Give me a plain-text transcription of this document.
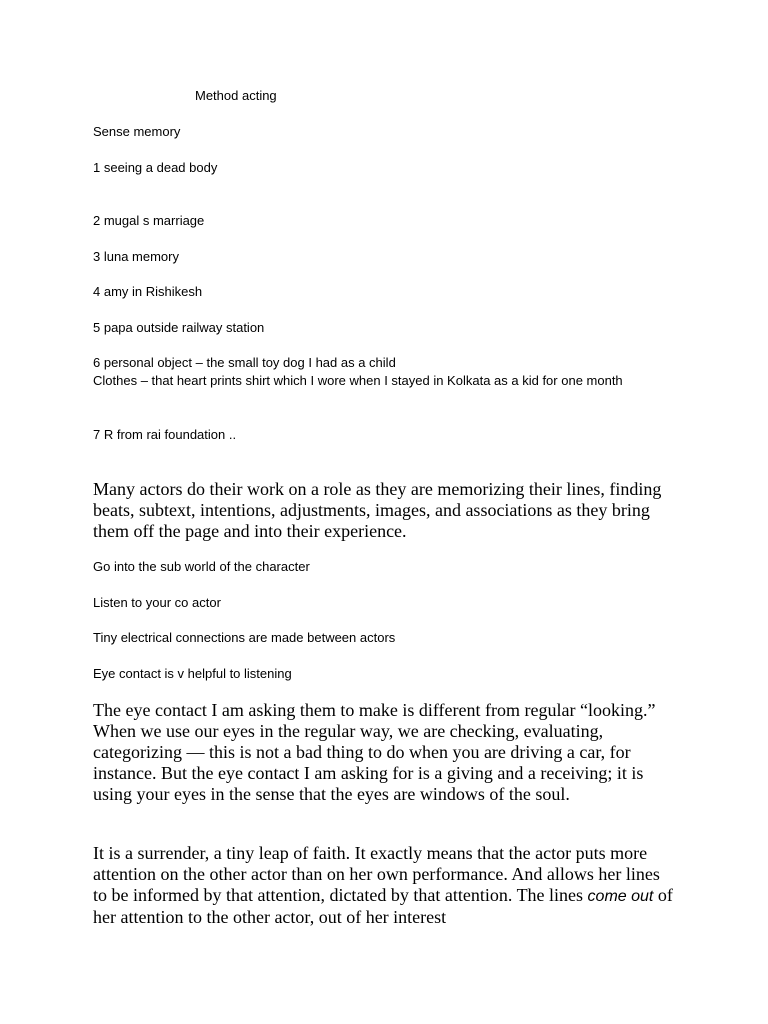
Method acting

Sense memory

1 seeing a dead body

2 mugal s marriage

3 luna memory

4 amy in Rishikesh

5 papa outside railway station

6 personal object – the small toy dog I had as a child

Clothes – that heart prints shirt which I wore when I stayed in Kolkata as a kid for one month

7 R from rai foundation ..

Many actors do their work on a role as they are memorizing their lines, finding beats, subtext, intentions, adjustments, images, and associations as they bring them off the page and into their experience.

Go into the sub world of the character

Listen to your co actor

Tiny electrical connections are made between actors

Eye contact is v helpful to listening

The eye contact I am asking them to make is different from regular “looking.” When we use our eyes in the regular way, we are checking, evaluating, categorizing — this is not a bad thing to do when you are driving a car, for instance. But the eye contact I am asking for is a giving and a receiving; it is using your eyes in the sense that the eyes are windows of the soul.

It is a surrender, a tiny leap of faith. It exactly means that the actor puts more attention on the other actor than on her own performance. And allows her lines to be informed by that attention, dictated by that attention. The lines come out of her attention to the other actor, out of her interest
